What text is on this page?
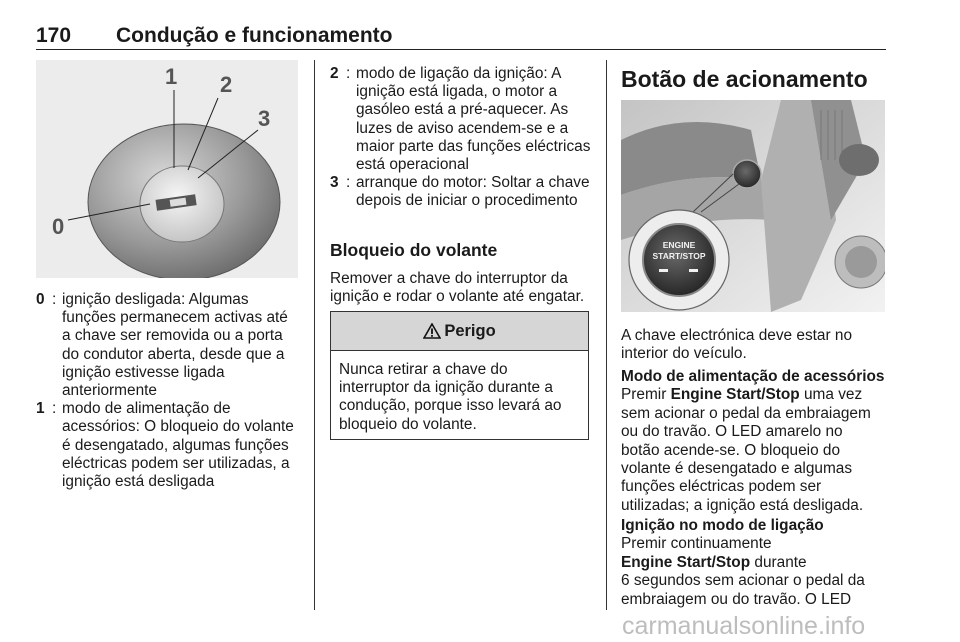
170 Condução e funcionamento
1 2
3
0
0 : ignição desligada: Algumas funções permanecem activas até a chave ser removida ou a porta do condutor aberta, desde que a ignição estivesse ligada anteriormente
1 : modo de alimentação de acessórios: O bloqueio do volante é desengatado, algumas funções eléctricas podem ser utilizadas, a ignição está desligada
2 : modo de ligação da ignição: A ignição está ligada, o motor a gasóleo está a pré-aquecer. As luzes de aviso acendem-se e a maior parte das funções eléctricas está operacional
3 : arranque do motor: Soltar a chave depois de iniciar o procedimento
Bloqueio do volante
Remover a chave do interruptor da ignição e rodar o volante até engatar.
Perigo
Nunca retirar a chave do interruptor da ignição durante a condução, porque isso levará ao bloqueio do volante.
Botão de acionamento
ENGINE
START/STOP
A chave electrónica deve estar no interior do veículo.
Modo de alimentação de acessórios
Premir Engine Start/Stop uma vez sem acionar o pedal da embraiagem ou do travão. O LED amarelo no botão acende-se. O bloqueio do volante é desengatado e algumas funções eléctricas podem ser utilizadas; a ignição está desligada.
Ignição no modo de ligação
Premir continuamente
Engine Start/Stop durante
6 segundos sem acionar o pedal da embraiagem ou do travão. O LED
carmanualsonline.info
